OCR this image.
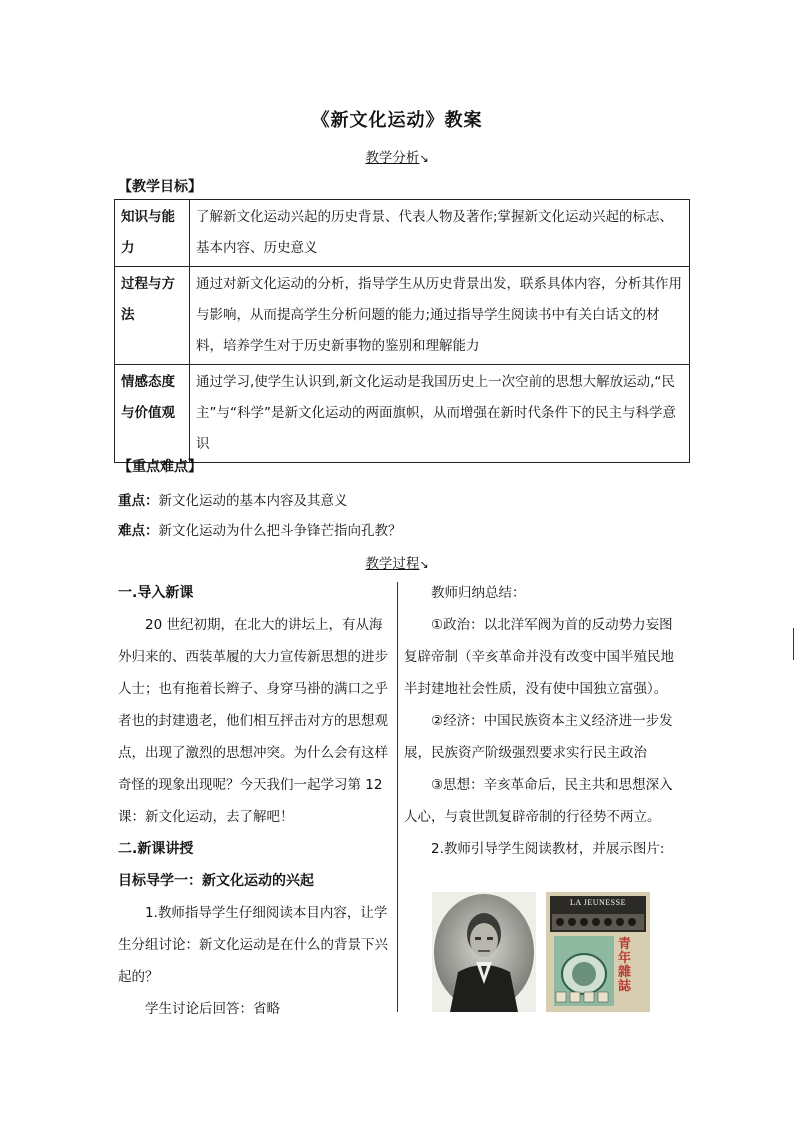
《新文化运动》教案
教学分析↘
【教学目标】
知识与能力	了解新文化运动兴起的历史背景、代表人物及著作;掌握新文化运动兴起的标志、基本内容、历史意义
过程与方法	通过对新文化运动的分析，指导学生从历史背景出发，联系具体内容，分析其作用与影响，从而提高学生分析问题的能力;通过指导学生阅读书中有关白话文的材料，培养学生对于历史新事物的鉴别和理解能力
情感态度与价值观	通过学习,使学生认识到,新文化运动是我国历史上一次空前的思想大解放运动,“民主”与“科学”是新文化运动的两面旗帜，从而增强在新时代条件下的民主与科学意识
【重点难点】
重点：新文化运动的基本内容及其意义
难点：新文化运动为什么把斗争锋芒指向孔教？
教学过程↘

一.导入新课

20 世纪初期，在北大的讲坛上，有从海外归来的、西装革履的大力宣传新思想的进步人士；也有拖着长辫子、身穿马褂的满口之乎者也的封建遗老，他们相互抨击对方的思想观点，出现了激烈的思想冲突。为什么会有这样奇怪的现象出现呢？今天我们一起学习第 12 课：新文化运动，去了解吧！

二.新课讲授

目标导学一：新文化运动的兴起

1.教师指导学生仔细阅读本目内容，让学生分组讨论：新文化运动是在什么的背景下兴起的？

学生讨论后回答：省略

教师归纳总结：

①政治：以北洋军阀为首的反动势力妄图复辟帝制（辛亥革命并没有改变中国半殖民地半封建地社会性质，没有使中国独立富强）。

②经济：中国民族资本主义经济进一步发展，民族资产阶级强烈要求实行民主政治

③思想：辛亥革命后，民主共和思想深入人心，与袁世凯复辟帝制的行径势不两立。

2.教师引导学生阅读教材，并展示图片:

LA JEUNESSE
青年雜誌
